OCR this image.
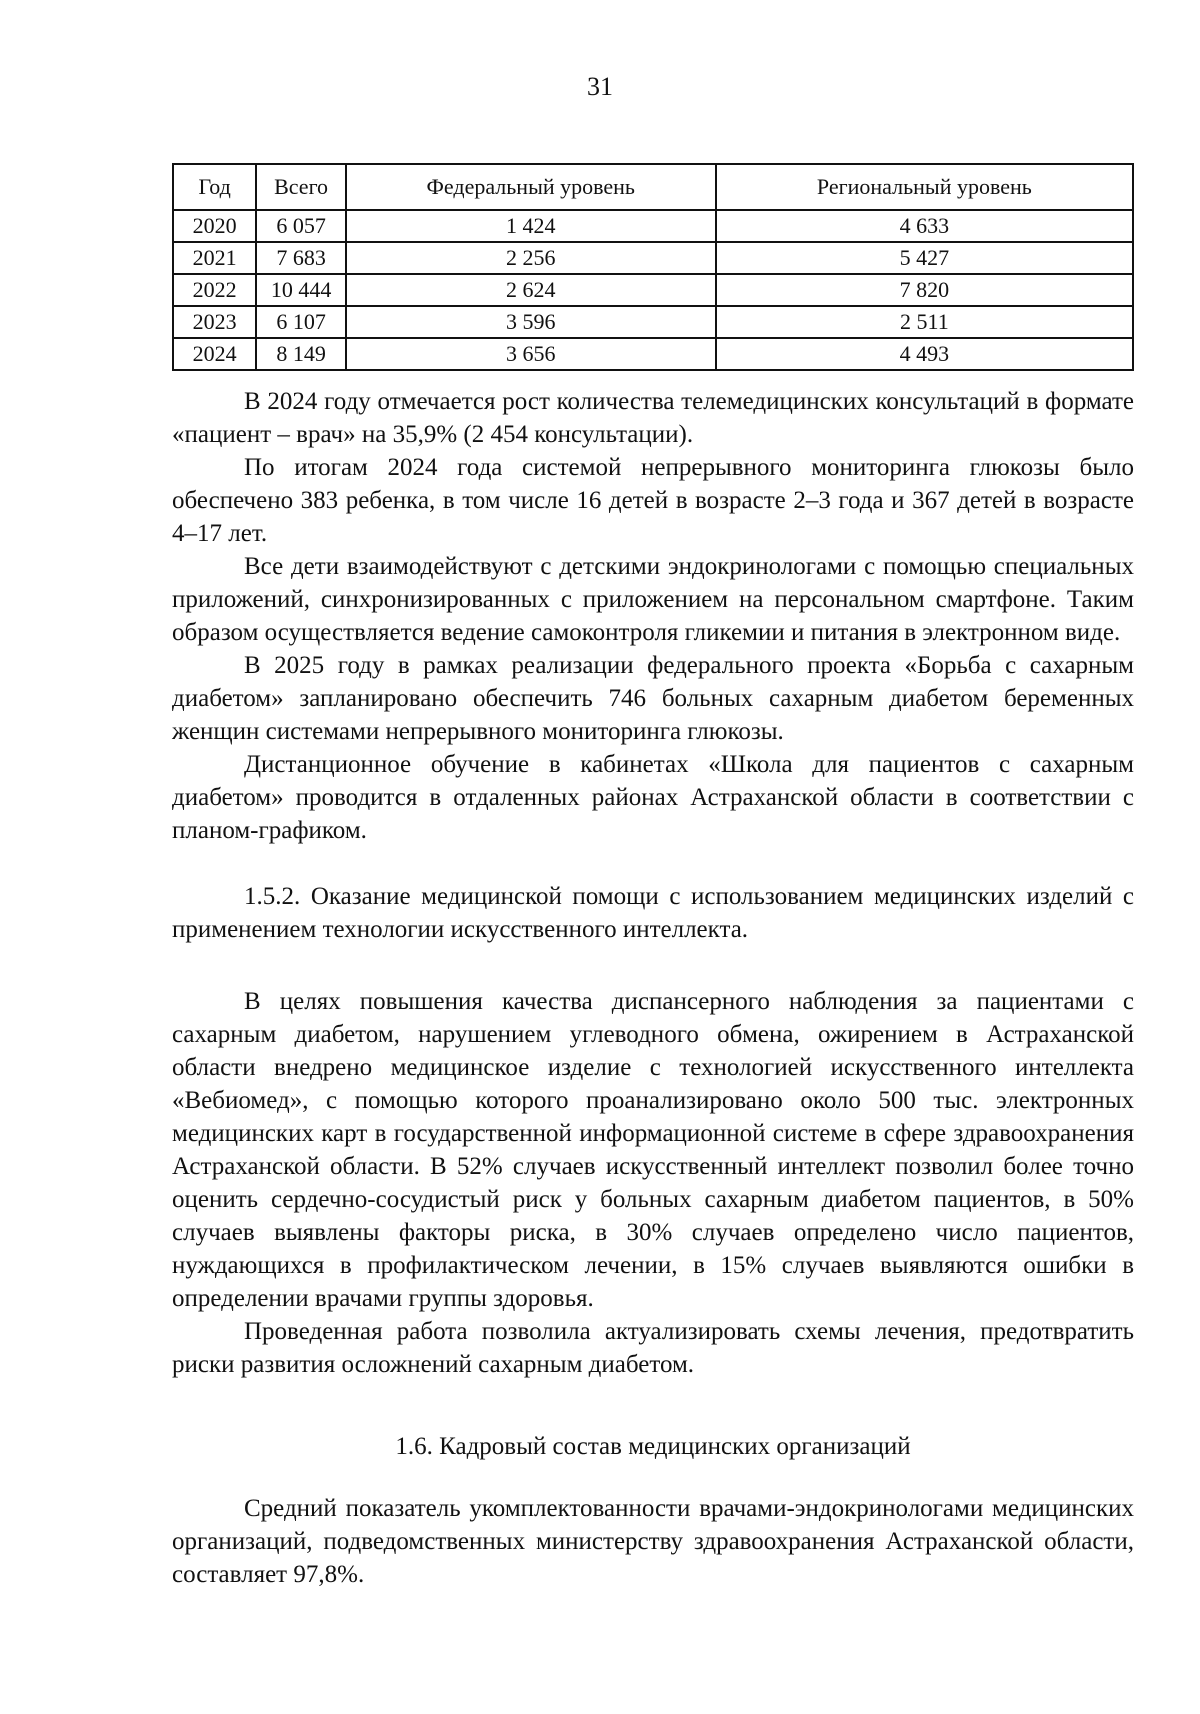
31
Год	Всего	Федеральный уровень	Региональный уровень
2020	6 057	1 424	4 633
2021	7 683	2 256	5 427
2022	10 444	2 624	7 820
2023	6 107	3 596	2 511
2024	8 149	3 656	4 493

В 2024 году отмечается рост количества телемедицинских консультаций в формате «пациент – врач» на 35,9% (2 454 консультации).

По итогам 2024 года системой непрерывного мониторинга глюкозы было обеспечено 383 ребенка, в том числе 16 детей в возрасте 2–3 года и 367 детей в возрасте 4–17 лет.

Все дети взаимодействуют с детскими эндокринологами с помощью специальных приложений, синхронизированных с приложением на персональном смартфоне. Таким образом осуществляется ведение самоконтроля гликемии и питания в электронном виде.

В 2025 году в рамках реализации федерального проекта «Борьба с сахарным диабетом» запланировано обеспечить 746 больных сахарным диабетом беременных женщин системами непрерывного мониторинга глюкозы.

Дистанционное обучение в кабинетах «Школа для пациентов с сахарным диабетом» проводится в отдаленных районах Астраханской области в соответствии с планом-графиком.

1.5.2. Оказание медицинской помощи с использованием медицинских изделий с применением технологии искусственного интеллекта.

В целях повышения качества диспансерного наблюдения за пациентами с сахарным диабетом, нарушением углеводного обмена, ожирением в Астраханской области внедрено медицинское изделие с технологией искусственного интеллекта «Вебиомед», с помощью которого проанализировано около 500 тыс. электронных медицинских карт в государственной информационной системе в сфере здравоохранения Астраханской области. В 52% случаев искусственный интеллект позволил более точно оценить сердечно-сосудистый риск у больных сахарным диабетом пациентов, в 50% случаев выявлены факторы риска, в 30% случаев определено число пациентов, нуждающихся в профилактическом лечении, в 15% случаев выявляются ошибки в определении врачами группы здоровья.

Проведенная работа позволила актуализировать схемы лечения, предотвратить риски развития осложнений сахарным диабетом.

1.6. Кадровый состав медицинских организаций

Средний показатель укомплектованности врачами-эндокринологами медицинских организаций, подведомственных министерству здравоохранения Астраханской области, составляет 97,8%.
